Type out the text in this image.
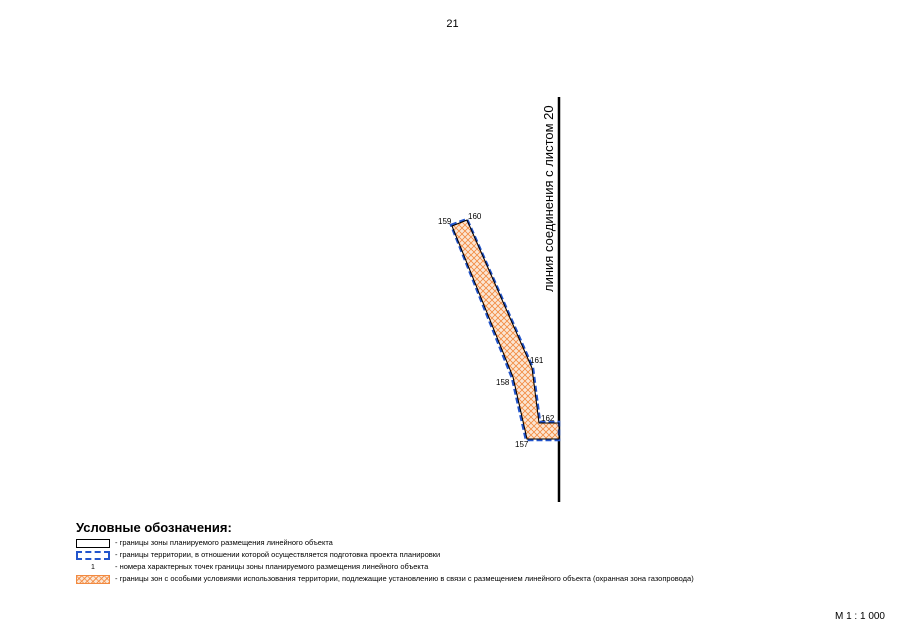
21
линия соединения с листом 20
159
160
161
158
162
157
Условные обозначения:
- границы зоны планируемого размещения линейного объекта
- границы территории, в отношении которой осуществляется подготовка проекта планировки
1	- номера характерных точек границы зоны планируемого размещения линейного объекта
- границы зон с особыми условиями использования территории, подлежащие установлению в связи с размещением линейного объекта (охранная зона газопровода)
М 1 : 1 000
